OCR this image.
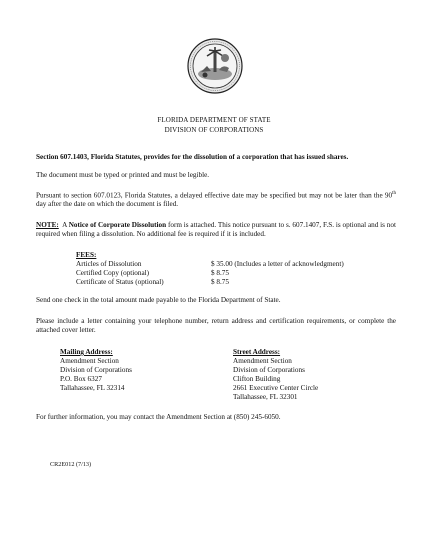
FLORIDA DEPARTMENT OF STATE
DIVISION OF CORPORATIONS
Section 607.1403, Florida Statutes, provides for the dissolution of a corporation that has issued shares.
The document must be typed or printed and must be legible.
Pursuant to section 607.0123, Florida Statutes, a delayed effective date may be specified but may not be later than the 90th day after the date on which the document is filed.
NOTE:  A Notice of Corporate Dissolution form is attached. This notice pursuant to s. 607.1407, F.S. is optional and is not required when filing a dissolution. No additional fee is required if it is included.
FEES:
Articles of Dissolution	$ 35.00 (Includes a letter of acknowledgment)
Certified Copy (optional)	$ 8.75
Certificate of Status (optional)	$ 8.75
Send one check in the total amount made payable to the Florida Department of State.
Please include a letter containing your telephone number, return address and certification requirements, or complete the attached cover letter.
Mailing Address:
Amendment Section
Division of Corporations
P.O. Box 6327
Tallahassee, FL 32314
Street Address:
Amendment Section
Division of Corporations
Clifton Building
2661 Executive Center Circle
Tallahassee, FL 32301
For further information, you may contact the Amendment Section at (850) 245-6050.
CR2E012 (7/13)
